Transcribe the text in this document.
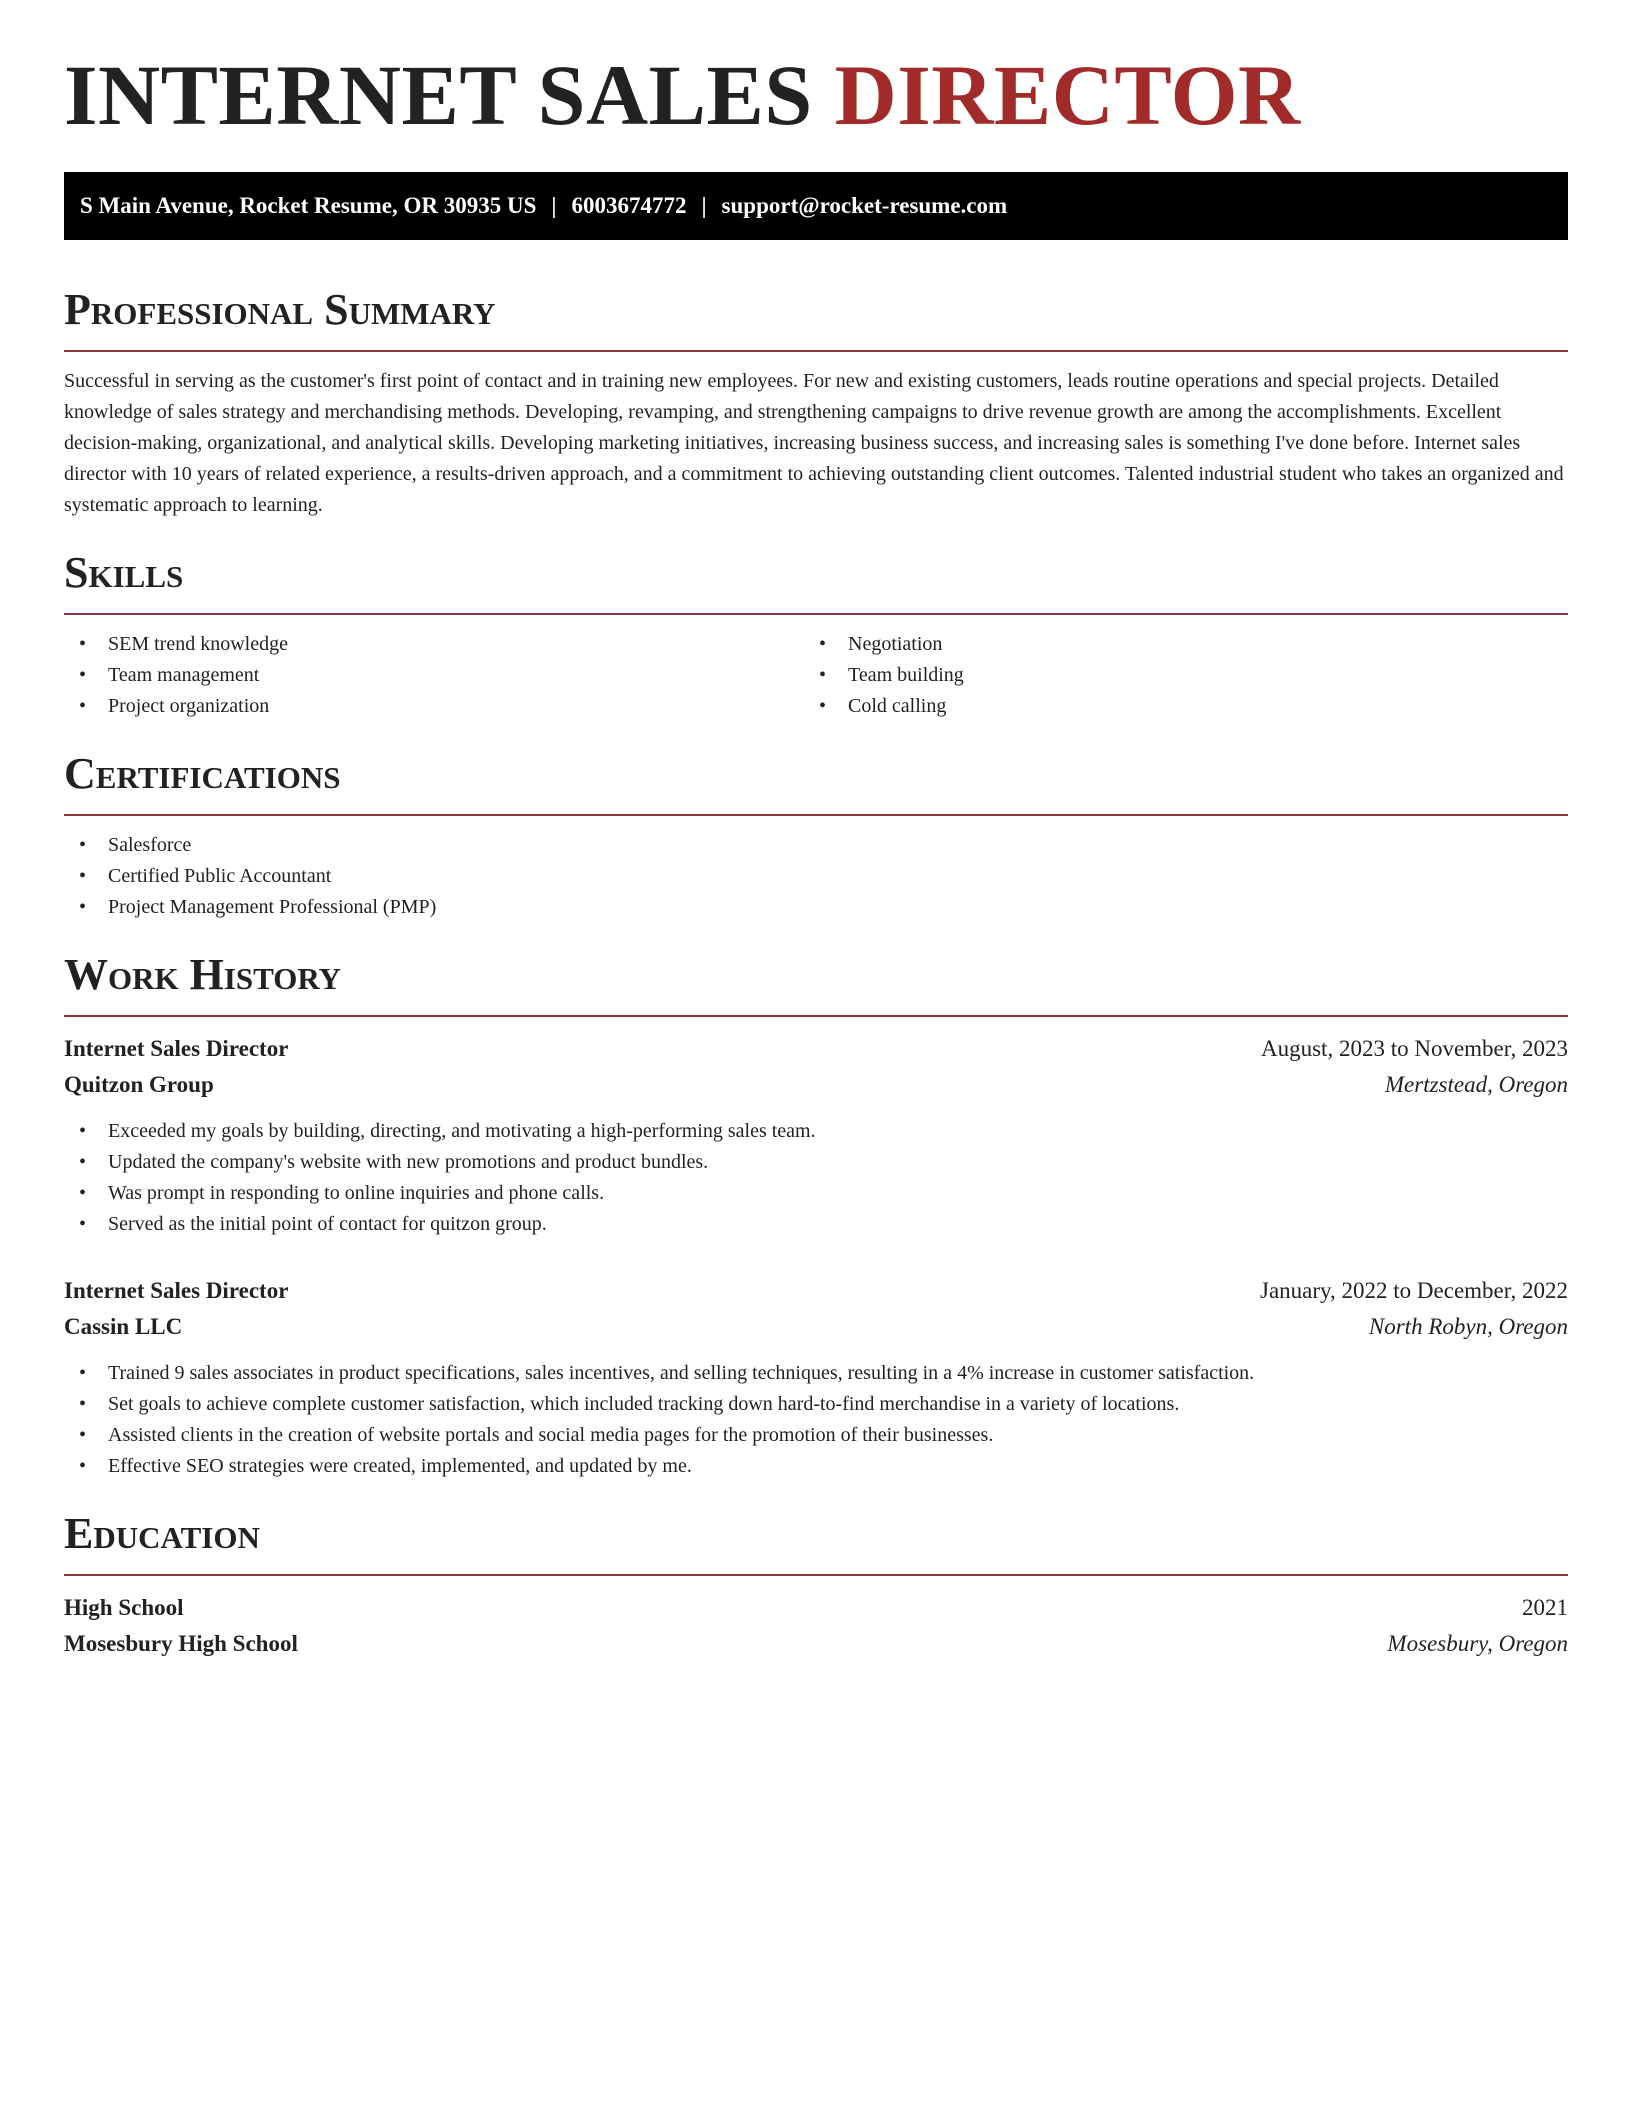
INTERNET SALES DIRECTOR
S Main Avenue, Rocket Resume, OR 30935 US | 6003674772 | support@rocket-resume.com
Professional Summary

Successful in serving as the customer's first point of contact and in training new employees. For new and existing customers, leads routine operations and special projects. Detailed knowledge of sales strategy and merchandising methods. Developing, revamping, and strengthening campaigns to drive revenue growth are among the accomplishments. Excellent decision-making, organizational, and analytical skills. Developing marketing initiatives, increasing business success, and increasing sales is something I've done before. Internet sales director with 10 years of related experience, a results-driven approach, and a commitment to achieving outstanding client outcomes. Talented industrial student who takes an organized and systematic approach to learning.

Skills
• SEM trend knowledge
• Team management
• Project organization
• Negotiation
• Team building
• Cold calling
Certifications
• Salesforce
• Certified Public Accountant
• Project Management Professional (PMP)
Work History
Internet Sales Director	August, 2023 to November, 2023
Quitzon Group	Mertzstead, Oregon
• Exceeded my goals by building, directing, and motivating a high-performing sales team.
• Updated the company's website with new promotions and product bundles.
• Was prompt in responding to online inquiries and phone calls.
• Served as the initial point of contact for quitzon group.
Internet Sales Director	January, 2022 to December, 2022
Cassin LLC	North Robyn, Oregon
• Trained 9 sales associates in product specifications, sales incentives, and selling techniques, resulting in a 4% increase in customer satisfaction.
• Set goals to achieve complete customer satisfaction, which included tracking down hard-to-find merchandise in a variety of locations.
• Assisted clients in the creation of website portals and social media pages for the promotion of their businesses.
• Effective SEO strategies were created, implemented, and updated by me.
Education
High School	2021
Mosesbury High School	Mosesbury, Oregon
